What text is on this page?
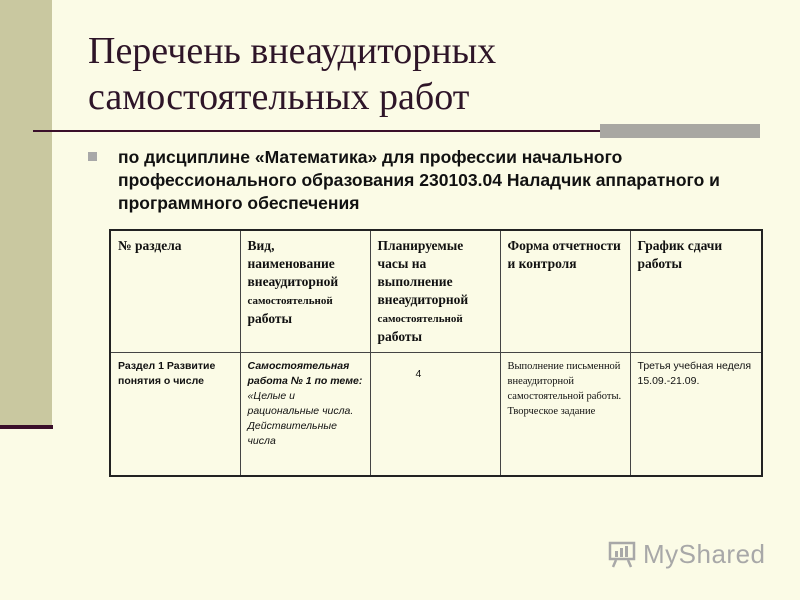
Перечень внеаудиторных
самостоятельных работ
по дисциплине «Математика» для профессии начального профессионального образования 230103.04 Наладчик аппаратного и программного обеспечения
№ раздела	Вид, наименование внеаудиторной самостоятельной работы	Планируемые часы на выполнение внеаудиторной самостоятельной работы	Форма отчетности и контроля	График сдачи работы
Раздел 1 Развитие понятия о числе	Самостоятельная работа № 1 по теме: «Целые и рациональные числа. Действительные числа	4	Выполнение письменной внеаудиторной самостоятельной работы. Творческое задание	Третья учебная неделя 15.09.-21.09.
MyShared
